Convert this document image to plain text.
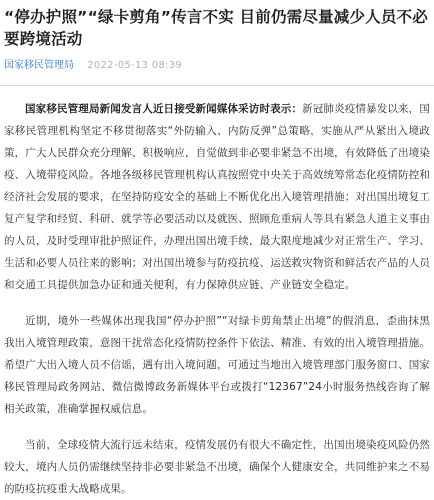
“停办护照”“绿卡剪角”传言不实 目前仍需尽量减少人员不必要跨境活动
国家移民管理局 2022-05-13 08:39

国家移民管理局新闻发言人近日接受新闻媒体采访时表示：新冠肺炎疫情暴发以来，国家移民管理机构坚定不移贯彻落实“外防输入、内防反弹”总策略，实施从严从紧出入境政策，广大人民群众充分理解、积极响应，自觉做到非必要非紧急不出境，有效降低了出境染疫、入境带疫风险。各地各级移民管理机构认真按照党中央关于高效统筹常态化疫情防控和经济社会发展的要求，在坚持防疫安全的基础上不断优化出入境管理措施；对出国出境复工复产复学和经贸、科研、就学等必要活动以及就医、照顾危重病人等具有紧急人道主义事由的人员，及时受理审批护照证件，办理出国出境手续，最大限度地减少对正常生产、学习、生活和必要人员往来的影响；对出国出境参与防疫抗疫、运送救灾物资和鲜活农产品的人员和交通工具提供加急办证和通关便利，有力保障供应链、产业链安全稳定。

近期，境外一些媒体出现我国“停办护照”“对绿卡剪角禁止出境”的假消息，歪曲抹黑我出入境管理政策，意图干扰常态化疫情防控条件下依法、精准、有效的出入境管理措施。希望广大出入境人员不信谣，遇有出入境问题，可通过当地出入境管理部门服务窗口、国家移民管理局政务网站、微信微博政务新媒体平台或拨打“12367”24小时服务热线咨询了解相关政策，准确掌握权威信息。

当前，全球疫情大流行远未结束，疫情发展仍有很大不确定性，出国出境染疫风险仍然较大，境内人员仍需继续坚持非必要非紧急不出境，确保个人健康安全，共同维护来之不易的防疫抗疫重大战略成果。
